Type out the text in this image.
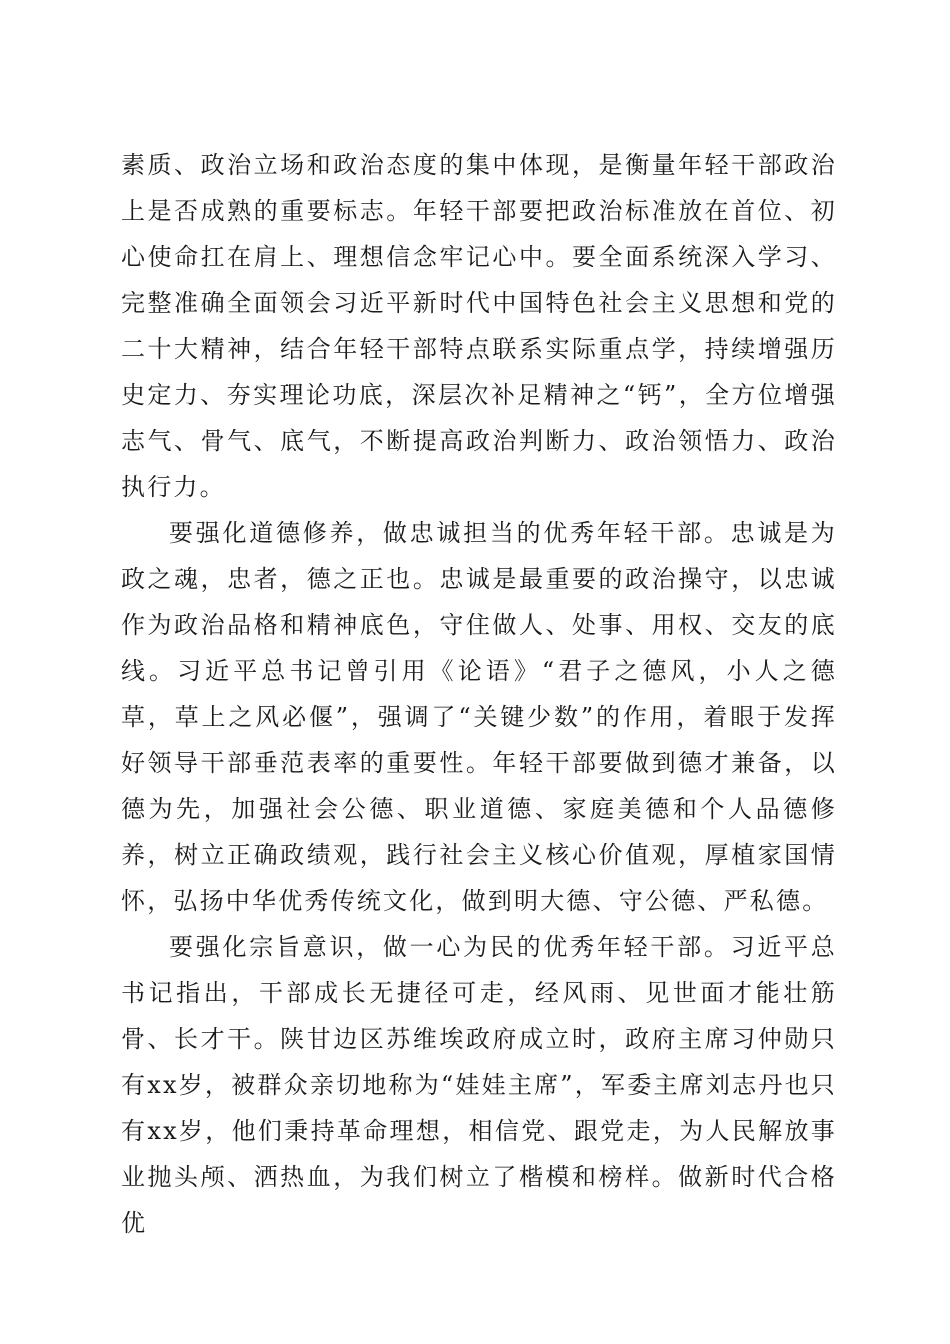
素质、政治立场和政治态度的集中体现，是衡量年轻干部政治上是否成熟的重要标志。年轻干部要把政治标准放在首位、初心使命扛在肩上、理想信念牢记心中。要全面系统深入学习、完整准确全面领会习近平新时代中国特色社会主义思想和党的二十大精神，结合年轻干部特点联系实际重点学，持续增强历史定力、夯实理论功底，深层次补足精神之“钙”，全方位增强志气、骨气、底气，不断提高政治判断力、政治领悟力、政治执行力。

要强化道德修养，做忠诚担当的优秀年轻干部。忠诚是为政之魂，忠者，德之正也。忠诚是最重要的政治操守，以忠诚作为政治品格和精神底色，守住做人、处事、用权、交友的底线。习近平总书记曾引用《论语》“君子之德风，小人之德草，草上之风必偃”，强调了“关键少数”的作用，着眼于发挥好领导干部垂范表率的重要性。年轻干部要做到德才兼备，以德为先，加强社会公德、职业道德、家庭美德和个人品德修养，树立正确政绩观，践行社会主义核心价值观，厚植家国情怀，弘扬中华优秀传统文化，做到明大德、守公德、严私德。

要强化宗旨意识，做一心为民的优秀年轻干部。习近平总书记指出，干部成长无捷径可走，经风雨、见世面才能壮筋骨、长才干。陕甘边区苏维埃政府成立时，政府主席习仲勋只有xx岁，被群众亲切地称为“娃娃主席”，军委主席刘志丹也只有xx岁，他们秉持革命理想，相信党、跟党走，为人民解放事业抛头颅、洒热血，为我们树立了楷模和榜样。做新时代合格优
